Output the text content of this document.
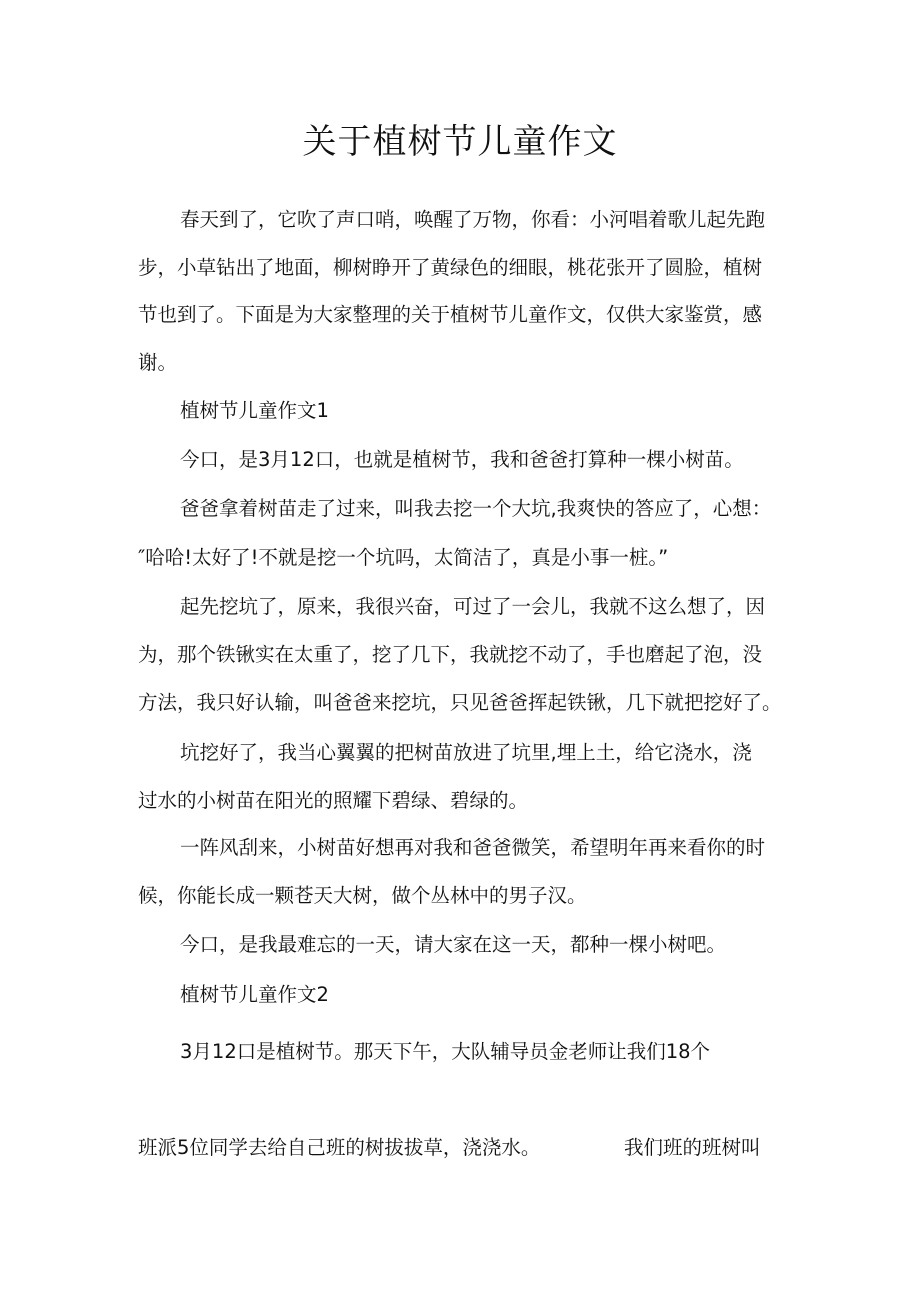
关于植树节儿童作文

春天到了，它吹了声口哨，唤醒了万物，你看：小河唱着歌儿起先跑

步，小草钻出了地面，柳树睁开了黄绿色的细眼，桃花张开了圆脸，植树

节也到了。下面是为大家整理的关于植树节儿童作文，仅供大家鉴赏，感

谢。

植树节儿童作文1

今口，是3月12口，也就是植树节，我和爸爸打算种一棵小树苗。

爸爸拿着树苗走了过来，叫我去挖一个大坑,我爽快的答应了，心想：

″哈哈!太好了!不就是挖一个坑吗，太简洁了，真是小事一桩。”

起先挖坑了，原来，我很兴奋，可过了一会儿，我就不这么想了，因

为，那个铁锹实在太重了，挖了几下，我就挖不动了，手也磨起了泡，没

方法，我只好认输，叫爸爸来挖坑，只见爸爸挥起铁锹，几下就把挖好了。

坑挖好了，我当心翼翼的把树苗放进了坑里,埋上土，给它浇水，浇

过水的小树苗在阳光的照耀下碧绿、碧绿的。

一阵风刮来，小树苗好想再对我和爸爸微笑，希望明年再来看你的时

候，你能长成一颗苍天大树，做个丛林中的男子汉。

今口，是我最难忘的一天，请大家在这一天，都种一棵小树吧。

植树节儿童作文2

3月12口是植树节。那天下午，大队辅导员金老师让我们18个

班派5位同学去给自己班的树拔拔草，浇浇水。	我们班的班树叫
